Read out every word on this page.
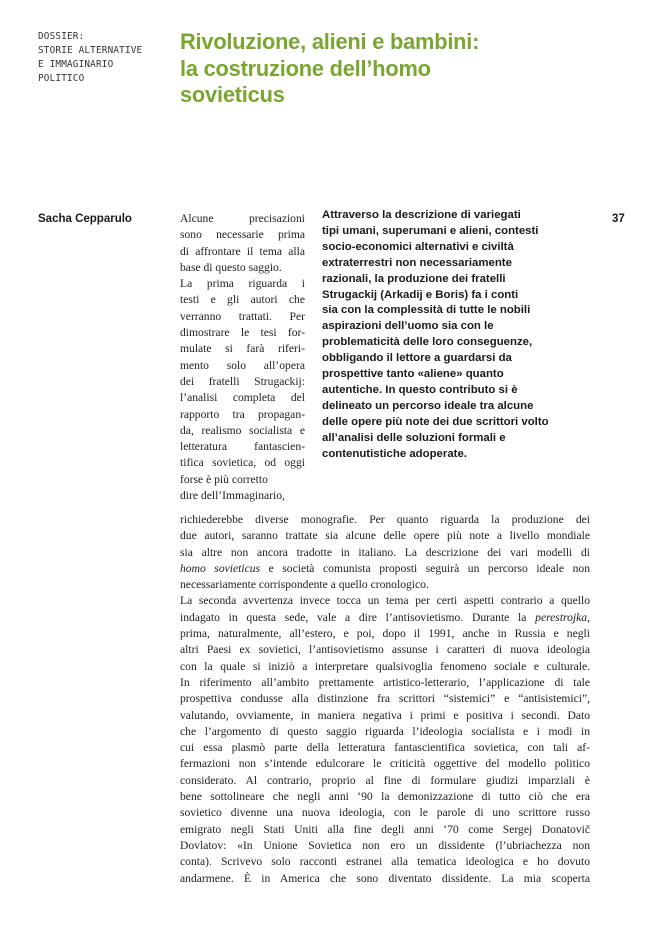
DOSSIER:
STORIE ALTERNATIVE
E IMMAGINARIO
POLITICO
Rivoluzione, alieni e bambini:
la costruzione dell’homo
sovieticus
Sacha Cepparulo	37
Alcune precisazioni
sono necessarie prima
di affrontare il tema alla
base di questo saggio.
La prima riguarda i
testi e gli autori che
verranno trattati. Per
dimostrare le tesi for-
mulate si farà riferi-
mento solo all’opera
dei fratelli Strugackij:
l’analisi completa del
rapporto tra propagan-
da, realismo socialista e
letteratura fantascien-
tifica sovietica, od oggi
forse è più corretto
dire dell’Immaginario,
Attraverso la descrizione di variegati
tipi umani, superumani e alieni, contesti
socio-economici alternativi e civiltà
extraterrestri non necessariamente
razionali, la produzione dei fratelli
Strugackij (Arkadij e Boris) fa i conti
sia con la complessità di tutte le nobili
aspirazioni dell’uomo sia con le
problematicità delle loro conseguenze,
obbligando il lettore a guardarsi da
prospettive tanto «aliene» quanto
autentiche. In questo contributo si è
delineato un percorso ideale tra alcune
delle opere più note dei due scrittori volto
all’analisi delle soluzioni formali e
contenutistiche adoperate.
richiederebbe diverse monografie. Per quanto riguarda la produzione dei
due autori, saranno trattate sia alcune delle opere più note a livello mondiale
sia altre non ancora tradotte in italiano. La descrizione dei vari modelli di
homo sovieticus e società comunista proposti seguirà un percorso ideale non
necessariamente corrispondente a quello cronologico.
La seconda avvertenza invece tocca un tema per certi aspetti contrario a quello
indagato in questa sede, vale a dire l’antisovietismo. Durante la perestrojka,
prima, naturalmente, all’estero, e poi, dopo il 1991, anche in Russia e negli
altri Paesi ex sovietici, l’antisovietismo assunse i caratteri di nuova ideologia
con la quale si iniziò a interpretare qualsivoglia fenomeno sociale e culturale.
In riferimento all’ambito prettamente artistico-letterario, l’applicazione di tale
prospettiva condusse alla distinzione fra scrittori “sistemici” e “antisistemici”,
valutando, ovviamente, in maniera negativa i primi e positiva i secondi. Dato
che l’argomento di questo saggio riguarda l’ideologia socialista e i modi in
cui essa plasmò parte della letteratura fantascientifica sovietica, con tali af-
fermazioni non s’intende edulcorare le criticità oggettive del modello politico
considerato. Al contrario, proprio al fine di formulare giudizi imparziali è
bene sottolineare che negli anni ‘90 la demonizzazione di tutto ciò che era
sovietico divenne una nuova ideologia, con le parole di uno scrittore russo
emigrato negli Stati Uniti alla fine degli anni ‘70 come Sergej Donatovič
Dovlatov: «In Unione Sovietica non ero un dissidente (l’ubriachezza non
conta). Scrivevo solo racconti estranei alla tematica ideologica e ho dovuto
andarmene. È in America che sono diventato dissidente. La mia scoperta
